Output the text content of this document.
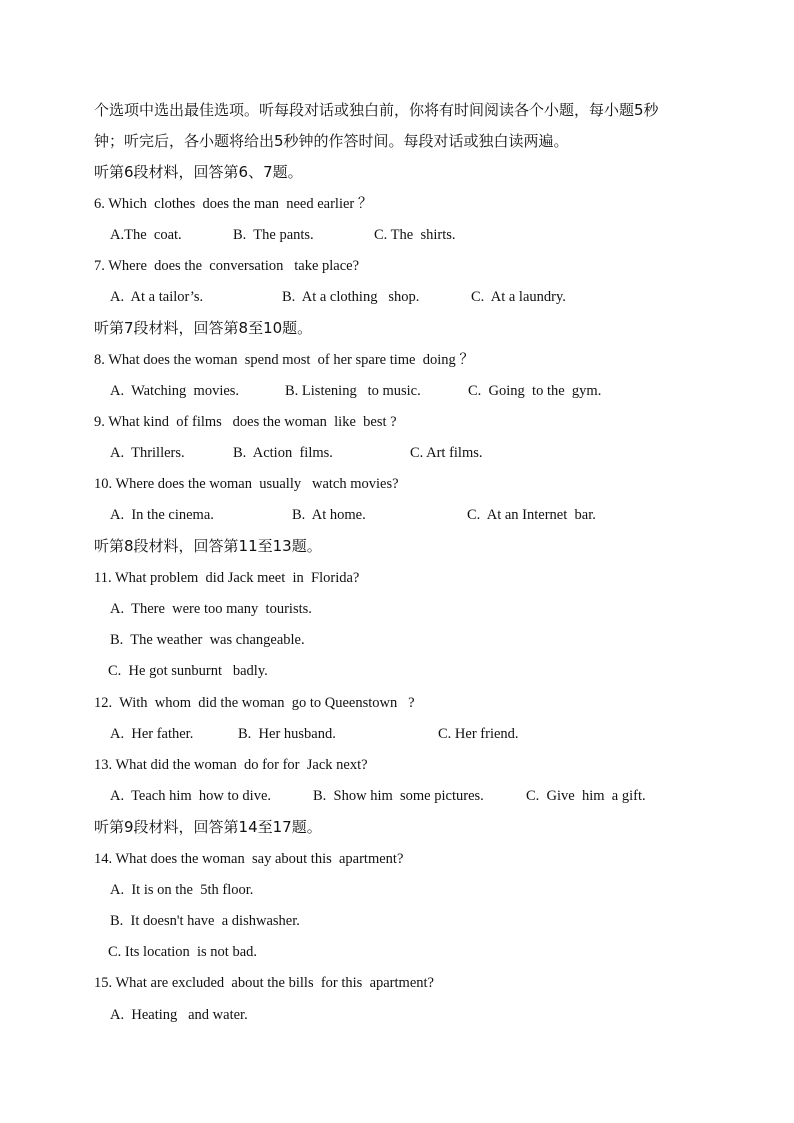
个选项中选出最佳选项。听每段对话或独白前，你将有时间阅读各个小题，每小题5秒
钟；听完后，各小题将给出5秒钟的作答时间。每段对话或独白读两遍。
听第6段材料，回答第6、7题。
6. Which  clothes  does the man  need earlier ？
A.The  coat.	B.  The pants.	C. The  shirts.
7. Where  does the  conversation   take place?
A.  At a tailor’s.	B.  At a clothing   shop.	C.  At a laundry.
听第7段材料，回答第8至10题。
8. What does the woman  spend most  of her spare time  doing ？
A.  Watching  movies.	B. Listening   to music.	C.  Going  to the  gym.
9. What kind  of films   does the woman  like  best ?
A.  Thrillers.	B.  Action  films.	C. Art films.
10. Where does the woman  usually   watch movies?
A.  In the cinema.	B.  At home.	C.  At an Internet  bar.
听第8段材料，回答第11至13题。
11. What problem  did Jack meet  in  Florida?
A.  There  were too many  tourists.
B.  The weather  was changeable.
C.  He got sunburnt   badly.
12.  With  whom  did the woman  go to Queenstown   ?
A.  Her father.	B.  Her husband.	C. Her friend.
13. What did the woman  do for for  Jack next?
A.  Teach him  how to dive.	B.  Show him  some pictures.	C.  Give  him  a gift.
听第9段材料，回答第14至17题。
14. What does the woman  say about this  apartment?
A.  It is on the  5th floor.
B.  It doesn't have  a dishwasher.
C. Its location  is not bad.
15. What are excluded  about the bills  for this  apartment?
A.  Heating   and water.
